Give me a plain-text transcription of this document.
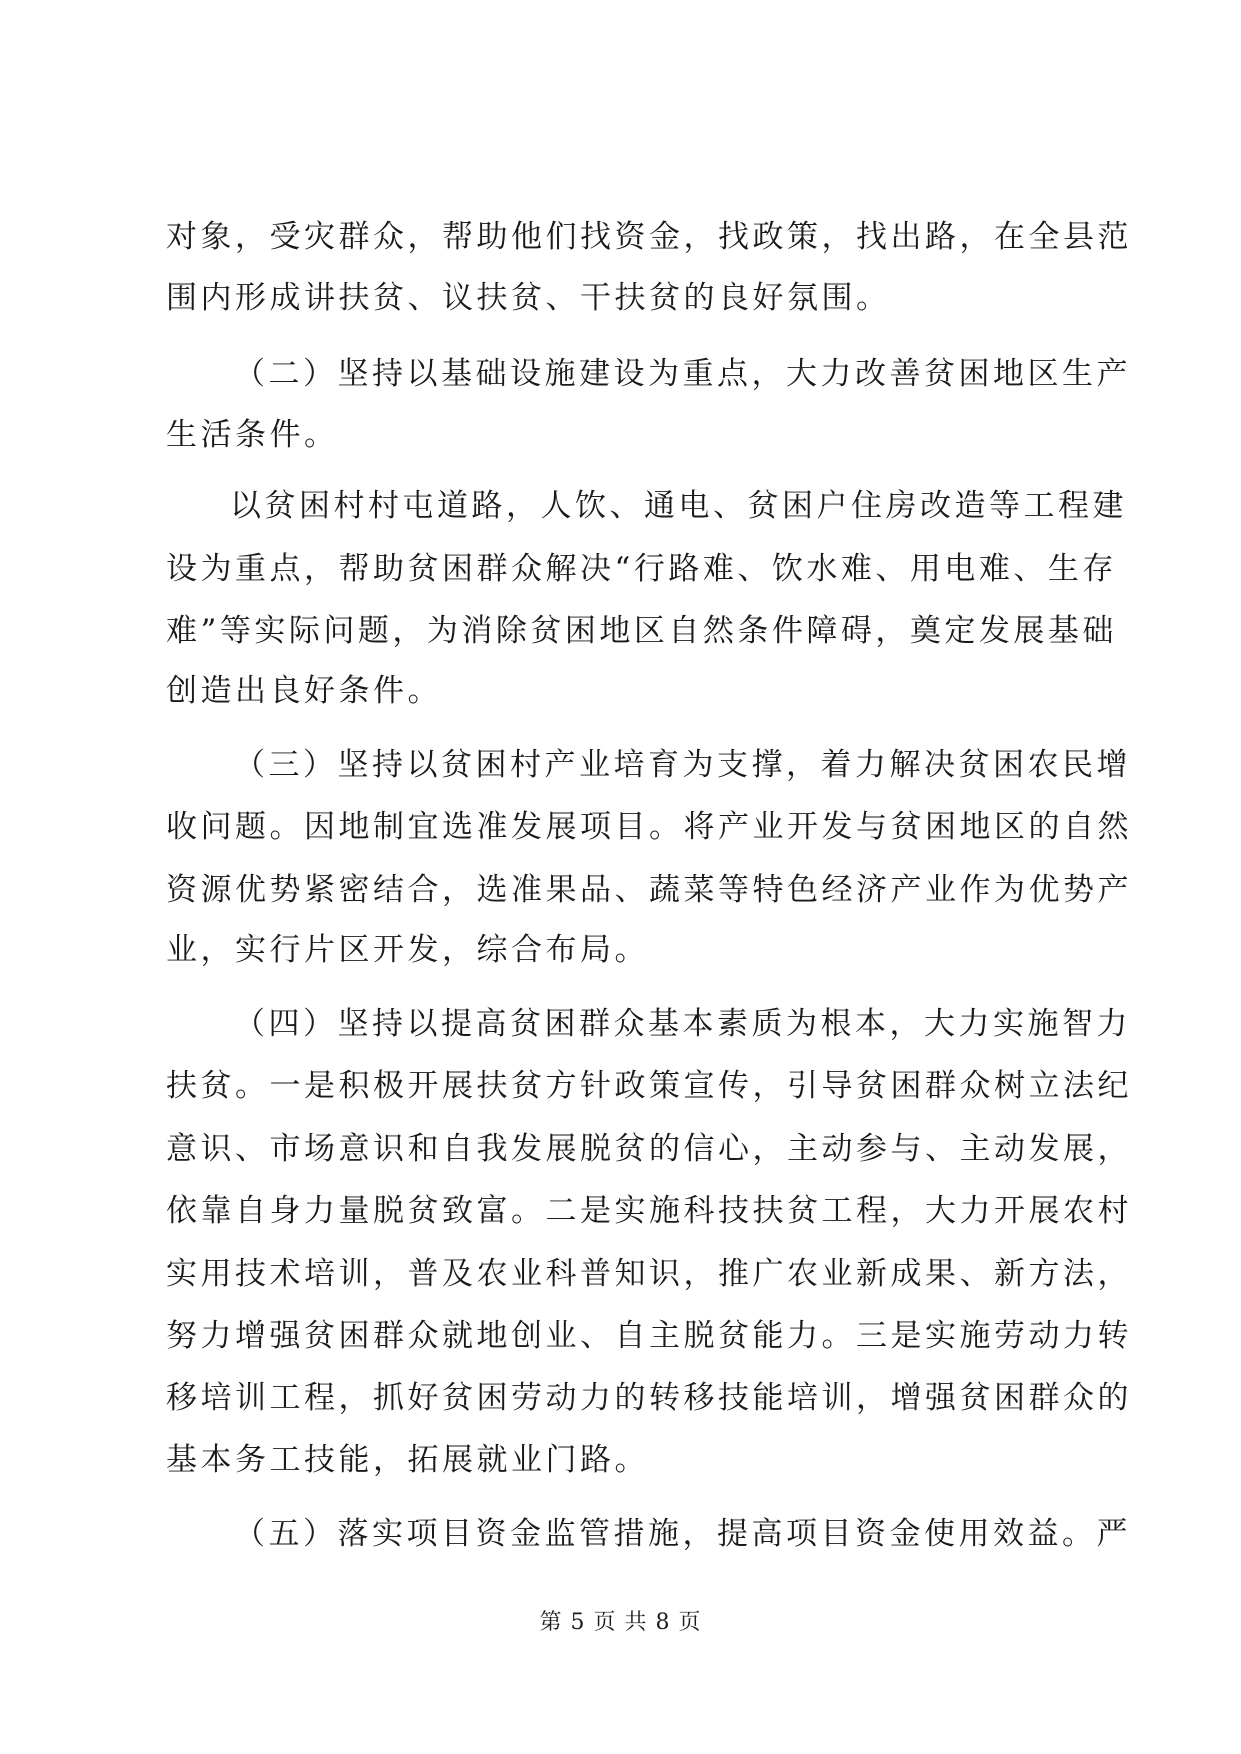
对象，受灾群众，帮助他们找资金，找政策，找出路，在全县范
围内形成讲扶贫、议扶贫、干扶贫的良好氛围。
（二）坚持以基础设施建设为重点，大力改善贫困地区生产
生活条件。
以贫困村村屯道路，人饮、通电、贫困户住房改造等工程建
设为重点，帮助贫困群众解决“行路难、饮水难、用电难、生存
难”等实际问题，为消除贫困地区自然条件障碍，奠定发展基础
创造出良好条件。
（三）坚持以贫困村产业培育为支撑，着力解决贫困农民增
收问题。因地制宜选准发展项目。将产业开发与贫困地区的自然
资源优势紧密结合，选准果品、蔬菜等特色经济产业作为优势产
业，实行片区开发，综合布局。
（四）坚持以提高贫困群众基本素质为根本，大力实施智力
扶贫。一是积极开展扶贫方针政策宣传，引导贫困群众树立法纪
意识、市场意识和自我发展脱贫的信心，主动参与、主动发展，
依靠自身力量脱贫致富。二是实施科技扶贫工程，大力开展农村
实用技术培训，普及农业科普知识，推广农业新成果、新方法，
努力增强贫困群众就地创业、自主脱贫能力。三是实施劳动力转
移培训工程，抓好贫困劳动力的转移技能培训，增强贫困群众的
基本务工技能，拓展就业门路。
（五）落实项目资金监管措施，提高项目资金使用效益。严
第 5 页 共 8 页
